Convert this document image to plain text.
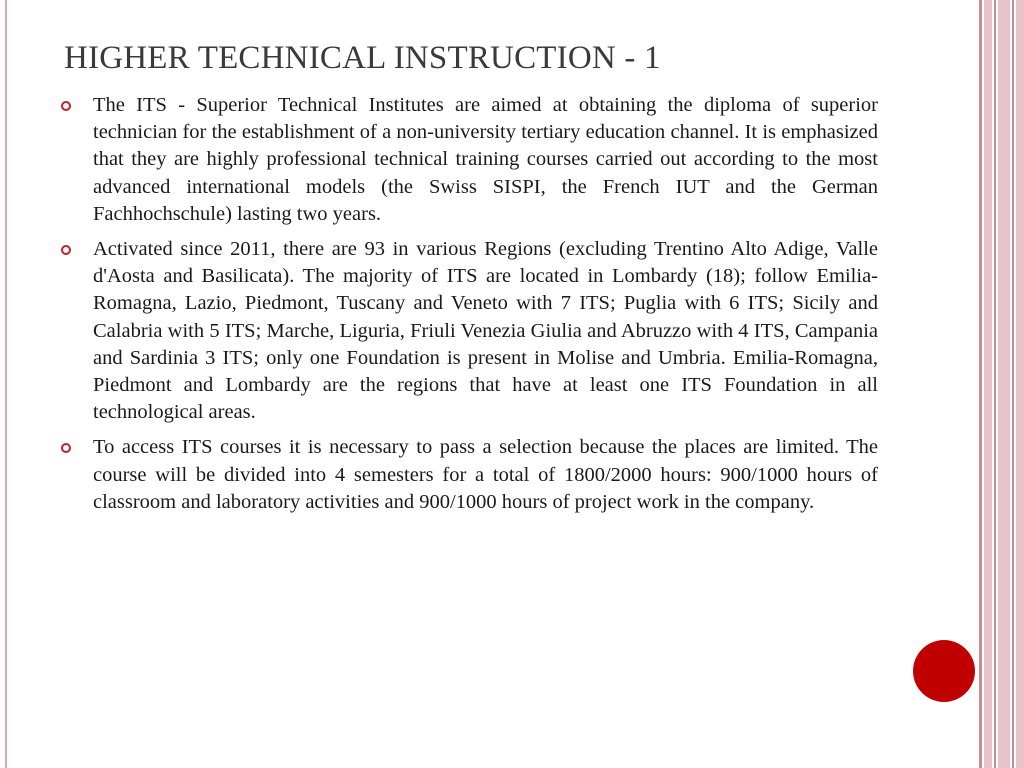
HIGHER TECHNICAL INSTRUCTION - 1
The ITS - Superior Technical Institutes are aimed at obtaining the diploma of superior technician for the establishment of a non-university tertiary education channel. It is emphasized that they are highly professional technical training courses carried out according to the most advanced international models (the Swiss SISPI, the French IUT and the German Fachhochschule) lasting two years.
Activated since 2011, there are 93 in various Regions (excluding Trentino Alto Adige, Valle d'Aosta and Basilicata). The majority of ITS are located in Lombardy (18); follow Emilia-Romagna, Lazio, Piedmont, Tuscany and Veneto with 7 ITS; Puglia with 6 ITS; Sicily and Calabria with 5 ITS; Marche, Liguria, Friuli Venezia Giulia and Abruzzo with 4 ITS, Campania and Sardinia 3 ITS; only one Foundation is present in Molise and Umbria. Emilia-Romagna, Piedmont and Lombardy are the regions that have at least one ITS Foundation in all technological areas.
To access ITS courses it is necessary to pass a selection because the places are limited. The course will be divided into 4 semesters for a total of 1800/2000 hours: 900/1000 hours of classroom and laboratory activities and 900/1000 hours of project work in the company.
